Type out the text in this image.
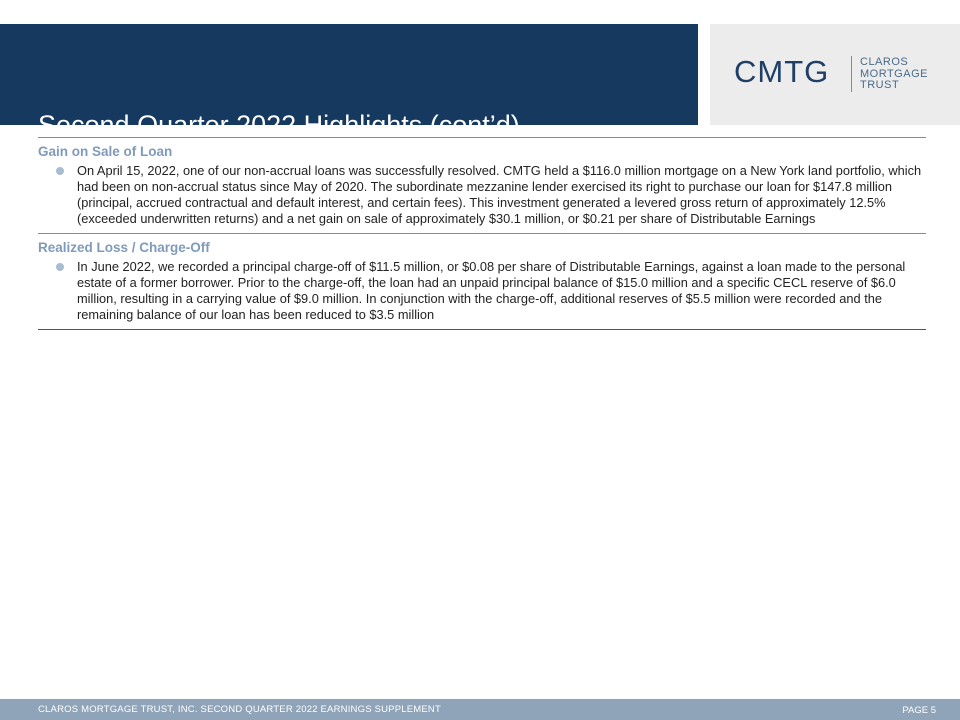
Second Quarter 2022 Highlights (cont’d)
CMTG	CLAROS
MORTGAGE
TRUST

Gain on Sale of Loan

On April 15, 2022, one of our non-accrual loans was successfully resolved. CMTG held a $116.0 million mortgage on a New York land portfolio, which had been on non-accrual status since May of 2020. The subordinate mezzanine lender exercised its right to purchase our loan for $147.8 million (principal, accrued contractual and default interest, and certain fees). This investment generated a levered gross return of approximately 12.5% (exceeded underwritten returns) and a net gain on sale of approximately $30.1 million, or $0.21 per share of Distributable Earnings

Realized Loss / Charge-Off

In June 2022, we recorded a principal charge-off of $11.5 million, or $0.08 per share of Distributable Earnings, against a loan made to the personal estate of a former borrower. Prior to the charge-off, the loan had an unpaid principal balance of $15.0 million and a specific CECL reserve of $6.0 million, resulting in a carrying value of $9.0 million. In conjunction with the charge-off, additional reserves of $5.5 million were recorded and the remaining balance of our loan has been reduced to $3.5 million

CLAROS MORTGAGE TRUST, INC. SECOND QUARTER 2022 EARNINGS SUPPLEMENT	PAGE 5
